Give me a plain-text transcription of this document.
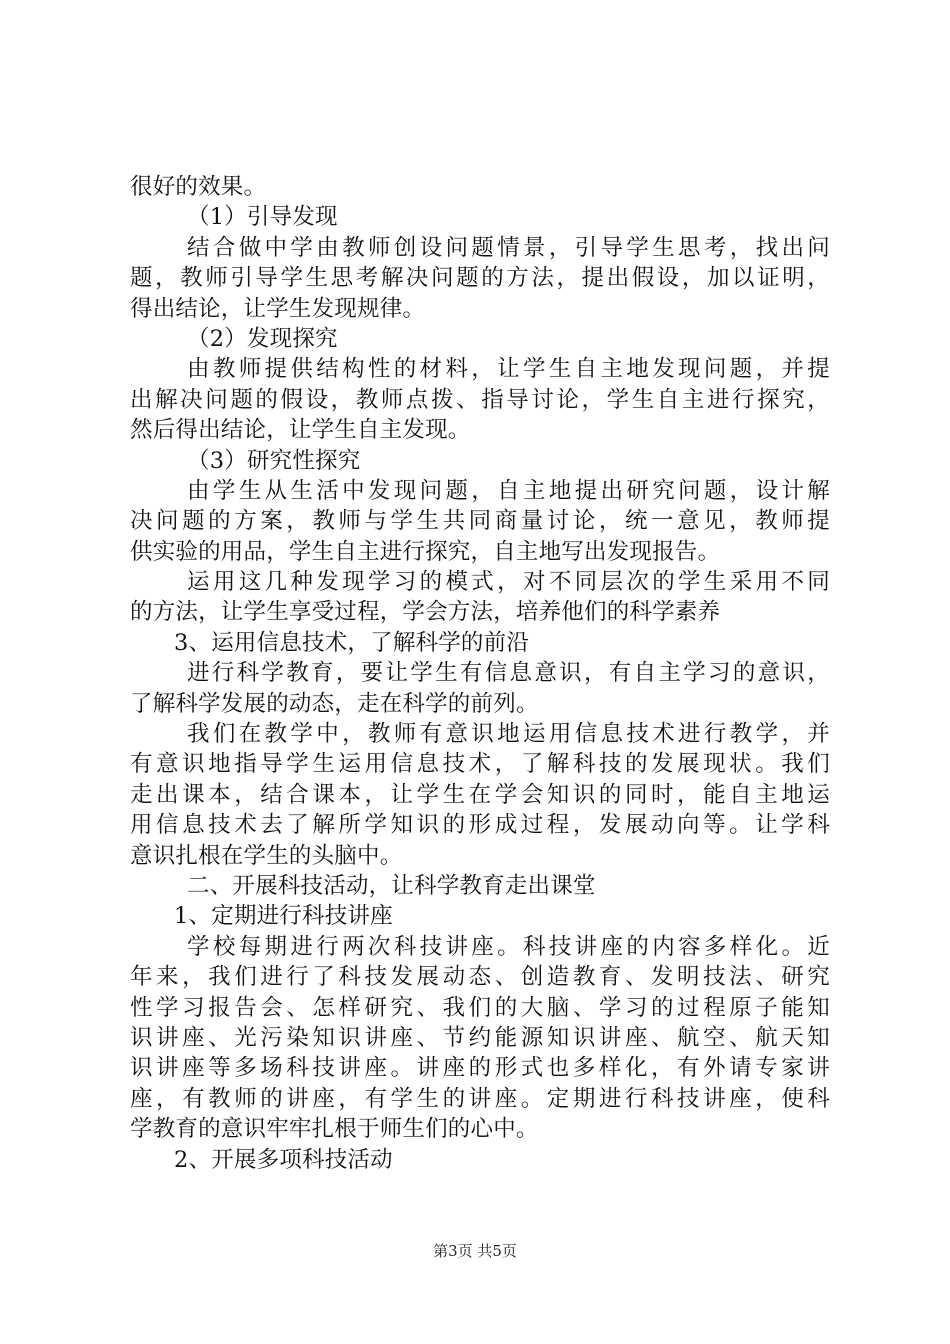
很好的效果。
（1）引导发现
结合做中学由教师创设问题情景，引导学生思考，找出问
题，教师引导学生思考解决问题的方法，提出假设，加以证明，
得出结论，让学生发现规律。
（2）发现探究
由教师提供结构性的材料，让学生自主地发现问题，并提
出解决问题的假设，教师点拨、指导讨论，学生自主进行探究，
然后得出结论，让学生自主发现。
（3）研究性探究
由学生从生活中发现问题，自主地提出研究问题，设计解
决问题的方案，教师与学生共同商量讨论，统一意见，教师提
供实验的用品，学生自主进行探究，自主地写出发现报告。
运用这几种发现学习的模式，对不同层次的学生采用不同
的方法，让学生享受过程，学会方法，培养他们的科学素养
3、运用信息技术，了解科学的前沿
进行科学教育，要让学生有信息意识，有自主学习的意识，
了解科学发展的动态，走在科学的前列。
我们在教学中，教师有意识地运用信息技术进行教学，并
有意识地指导学生运用信息技术，了解科技的发展现状。我们
走出课本，结合课本，让学生在学会知识的同时，能自主地运
用信息技术去了解所学知识的形成过程，发展动向等。让学科
意识扎根在学生的头脑中。
二、开展科技活动，让科学教育走出课堂
1、定期进行科技讲座
学校每期进行两次科技讲座。科技讲座的内容多样化。近
年来，我们进行了科技发展动态、创造教育、发明技法、研究
性学习报告会、怎样研究、我们的大脑、学习的过程原子能知
识讲座、光污染知识讲座、节约能源知识讲座、航空、航天知
识讲座等多场科技讲座。讲座的形式也多样化，有外请专家讲
座，有教师的讲座，有学生的讲座。定期进行科技讲座，使科
学教育的意识牢牢扎根于师生们的心中。
2、开展多项科技活动
第3页 共5页
